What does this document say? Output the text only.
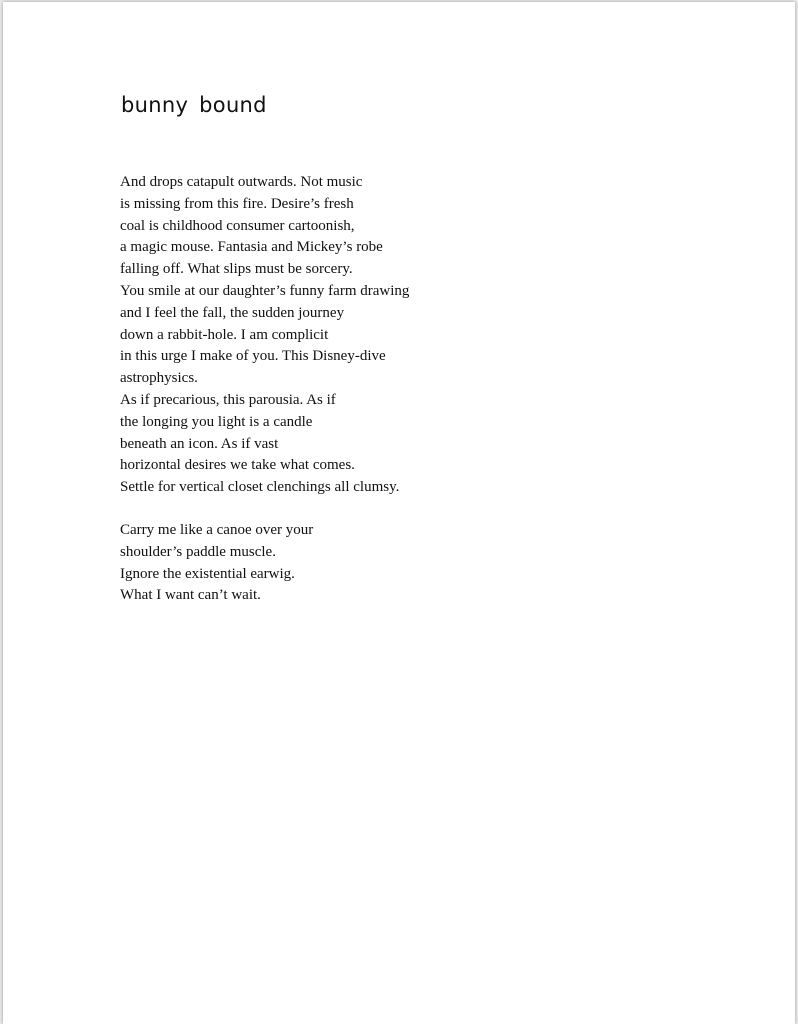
bunny bound
And drops catapult outwards. Not music
is missing from this fire. Desire’s fresh
coal is childhood consumer cartoonish,
a magic mouse. Fantasia and Mickey’s robe
falling off. What slips must be sorcery.
You smile at our daughter’s funny farm drawing
and I feel the fall, the sudden journey
down a rabbit-hole. I am complicit
in this urge I make of you. This Disney-dive
astrophysics.
As if precarious, this parousia. As if
the longing you light is a candle
beneath an icon. As if vast
horizontal desires we take what comes.
Settle for vertical closet clenchings all clumsy.
Carry me like a canoe over your
shoulder’s paddle muscle.
Ignore the existential earwig.
What I want can’t wait.
